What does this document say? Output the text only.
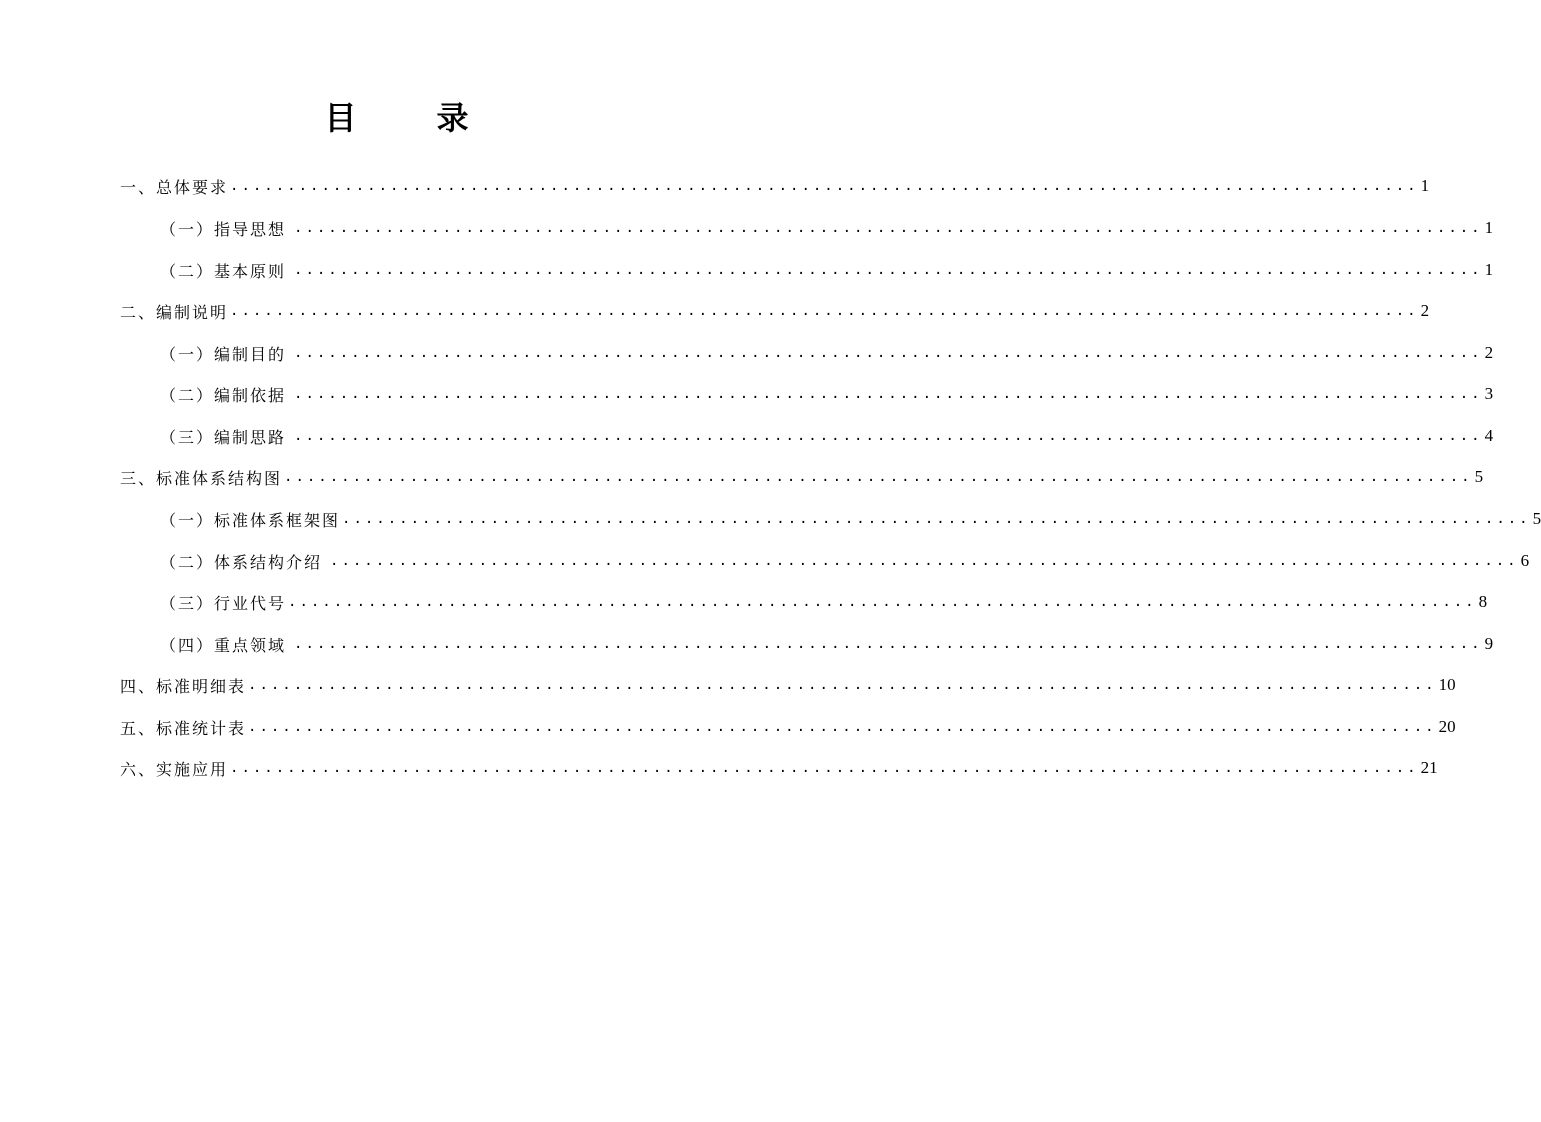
目　录
一、总体要求 ........................................................................................................ 1
（一）指导思想 ........................................................................................................ 1
（二）基本原则 ........................................................................................................ 1
二、编制说明 ........................................................................................................ 2
（一）编制目的 ........................................................................................................ 2
（二）编制依据 ........................................................................................................ 3
（三）编制思路 ........................................................................................................ 4
三、标准体系结构图 ........................................................................................................ 5
（一）标准体系框架图 ........................................................................................................ 5
（二）体系结构介绍 ........................................................................................................ 6
（三）行业代号 ........................................................................................................ 8
（四）重点领域 ........................................................................................................ 9
四、标准明细表 ........................................................................................................ 10
五、标准统计表 ........................................................................................................ 20
六、实施应用 ........................................................................................................ 21
